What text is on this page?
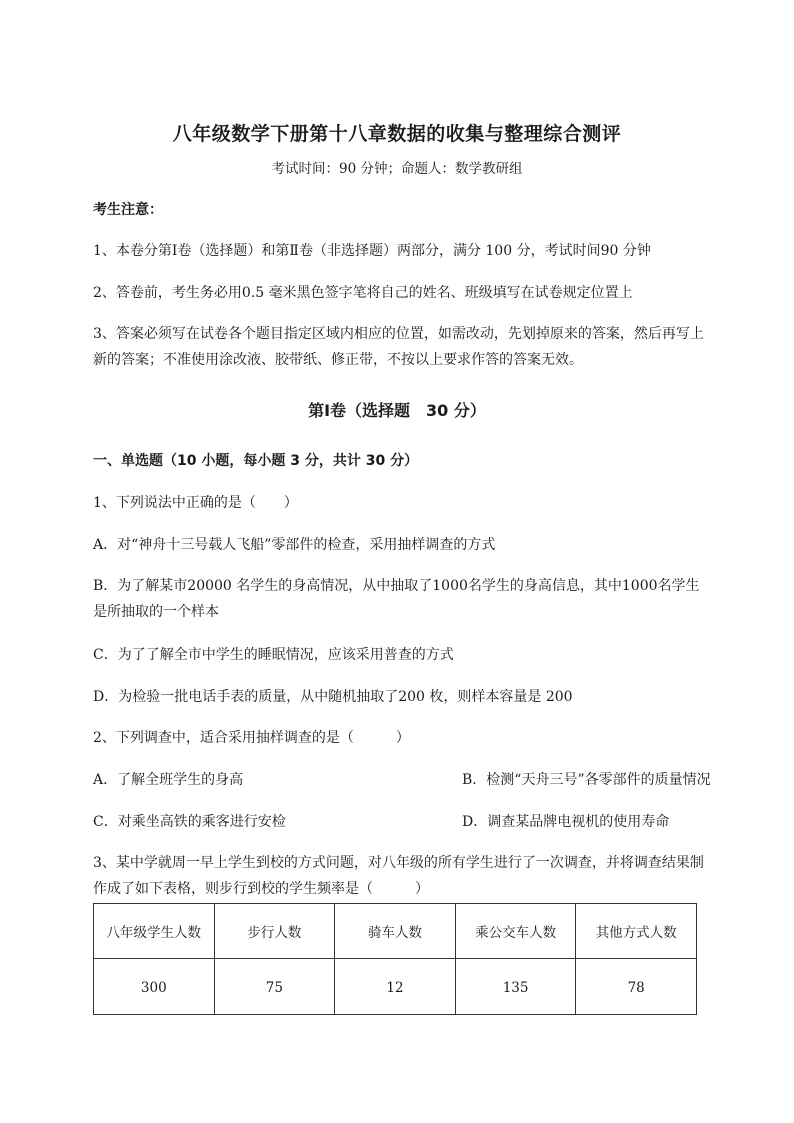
八年级数学下册第十八章数据的收集与整理综合测评
考试时间：90 分钟；命题人：数学教研组
考生注意：
1、本卷分第Ⅰ卷（选择题）和第Ⅱ卷（非选择题）两部分，满分 100 分，考试时间90 分钟
2、答卷前，考生务必用0.5 毫米黑色签字笔将自己的姓名、班级填写在试卷规定位置上
3、答案必须写在试卷各个题目指定区域内相应的位置，如需改动，先划掉原来的答案，然后再写上新的答案；不准使用涂改液、胶带纸、修正带，不按以上要求作答的答案无效。
第Ⅰ卷（选择题　30 分）
一、单选题（10 小题，每小题 3 分，共计 30 分）
1、下列说法中正确的是（　　）
A．对“神舟十三号载人飞船”零部件的检查，采用抽样调查的方式
B．为了解某市20000 名学生的身高情况，从中抽取了1000名学生的身高信息，其中1000名学生是所抽取的一个样本
C．为了了解全市中学生的睡眠情况，应该采用普查的方式
D．为检验一批电话手表的质量，从中随机抽取了200 枚，则样本容量是 200
2、下列调查中，适合采用抽样调查的是（　　　）
A．了解全班学生的身高	B．检测“天舟三号”各零部件的质量情况
C．对乘坐高铁的乘客进行安检	D．调查某品牌电视机的使用寿命
3、某中学就周一早上学生到校的方式问题，对八年级的所有学生进行了一次调查，并将调查结果制作成了如下表格，则步行到校的学生频率是（　　　）
八年级学生人数	步行人数	骑车人数	乘公交车人数	其他方式人数
300	75	12	135	78
